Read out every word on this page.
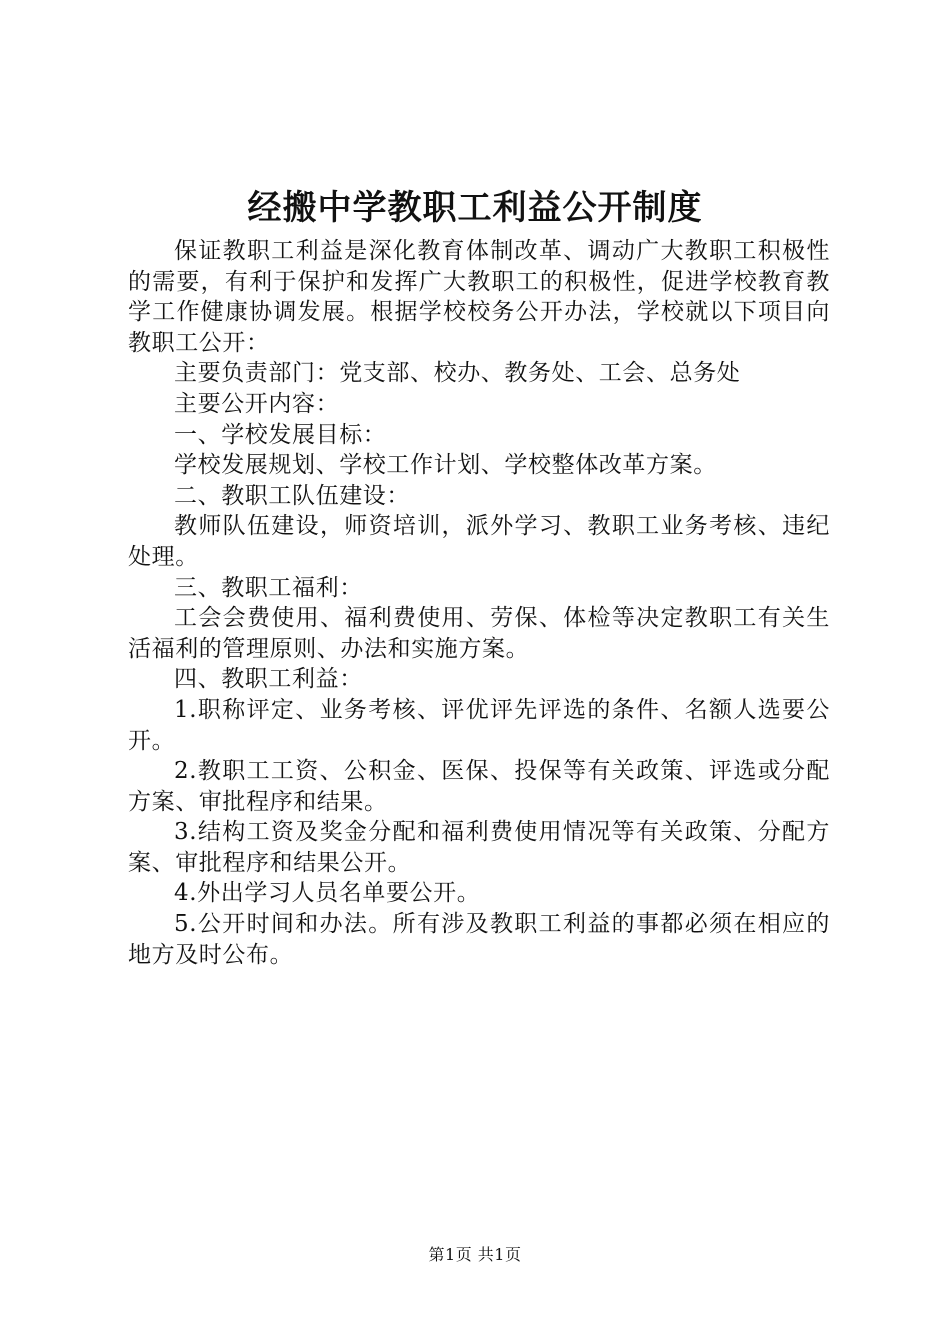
经搬中学教职工利益公开制度

保证教职工利益是深化教育体制改革、调动广大教职工积极性的需要，有利于保护和发挥广大教职工的积极性，促进学校教育教学工作健康协调发展。根据学校校务公开办法，学校就以下项目向教职工公开：

主要负责部门：党支部、校办、教务处、工会、总务处

主要公开内容：

一、学校发展目标：

学校发展规划、学校工作计划、学校整体改革方案。

二、教职工队伍建设：

教师队伍建设，师资培训，派外学习、教职工业务考核、违纪处理。

三、教职工福利：

工会会费使用、福利费使用、劳保、体检等决定教职工有关生活福利的管理原则、办法和实施方案。

四、教职工利益：

1.职称评定、业务考核、评优评先评选的条件、名额人选要公开。

2.教职工工资、公积金、医保、投保等有关政策、评选或分配方案、审批程序和结果。

3.结构工资及奖金分配和福利费使用情况等有关政策、分配方案、审批程序和结果公开。

4.外出学习人员名单要公开。

5.公开时间和办法。所有涉及教职工利益的事都必须在相应的地方及时公布。

第1页 共1页
